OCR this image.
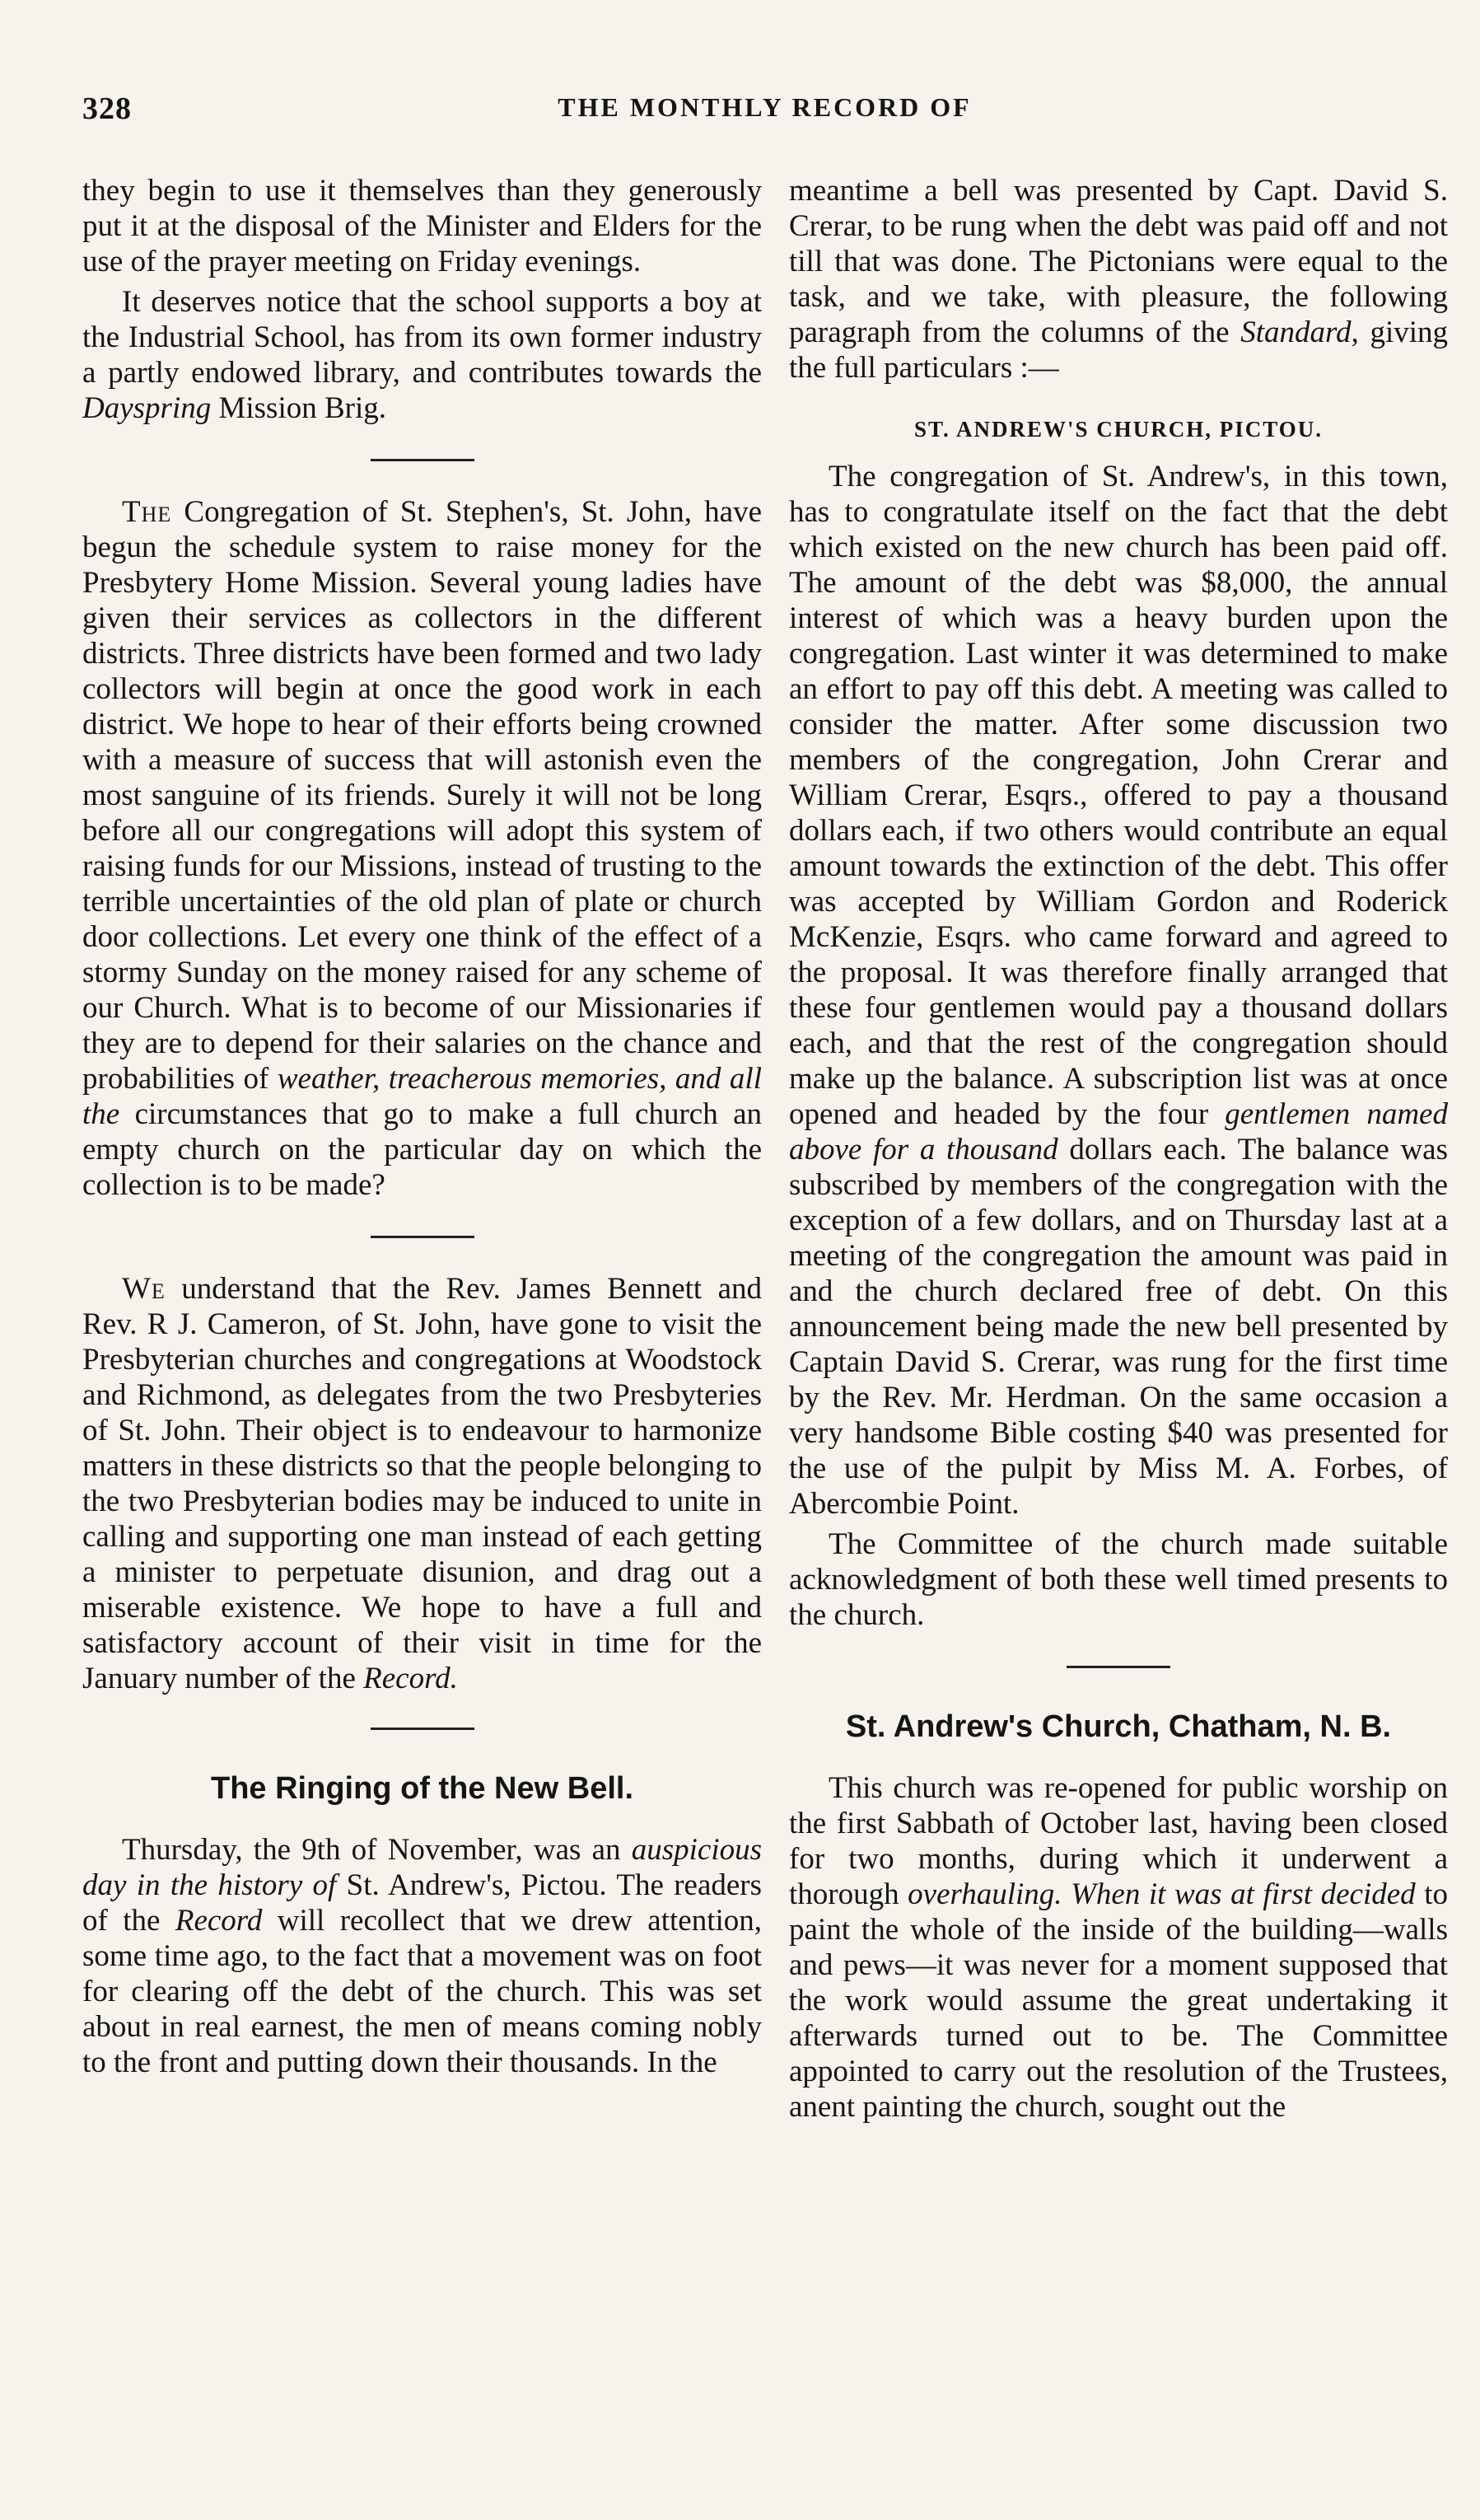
328	THE MONTHLY RECORD OF

they begin to use it themselves than they generously put it at the disposal of the Minister and Elders for the use of the prayer meeting on Friday evenings.

It deserves notice that the school supports a boy at the Industrial School, has from its own former industry a partly endowed library, and contributes towards the Dayspring Mission Brig.

The Congregation of St. Stephen's, St. John, have begun the schedule system to raise money for the Presbytery Home Mission. Several young ladies have given their services as collectors in the different districts. Three districts have been formed and two lady collectors will begin at once the good work in each district. We hope to hear of their efforts being crowned with a measure of success that will astonish even the most sanguine of its friends. Surely it will not be long before all our congregations will adopt this system of raising funds for our Missions, instead of trusting to the terrible uncertainties of the old plan of plate or church door collections. Let every one think of the effect of a stormy Sunday on the money raised for any scheme of our Church. What is to become of our Missionaries if they are to depend for their salaries on the chance and probabilities of weather, treacherous memories, and all the circumstances that go to make a full church an empty church on the particular day on which the collection is to be made?

We understand that the Rev. James Bennett and Rev. R J. Cameron, of St. John, have gone to visit the Presbyterian churches and congregations at Woodstock and Richmond, as delegates from the two Presbyteries of St. John. Their object is to endeavour to harmonize matters in these districts so that the people belonging to the two Presbyterian bodies may be induced to unite in calling and supporting one man instead of each getting a minister to perpetuate disunion, and drag out a miserable existence. We hope to have a full and satisfactory account of their visit in time for the January number of the Record.

The Ringing of the New Bell.

Thursday, the 9th of November, was an auspicious day in the history of St. Andrew's, Pictou. The readers of the Record will recollect that we drew attention, some time ago, to the fact that a movement was on foot for clearing off the debt of the church. This was set about in real earnest, the men of means coming nobly to the front and putting down their thousands. In the

meantime a bell was presented by Capt. David S. Crerar, to be rung when the debt was paid off and not till that was done. The Pictonians were equal to the task, and we take, with pleasure, the following paragraph from the columns of the Standard, giving the full particulars :—

ST. ANDREW'S CHURCH, PICTOU.

The congregation of St. Andrew's, in this town, has to congratulate itself on the fact that the debt which existed on the new church has been paid off. The amount of the debt was $8,000, the annual interest of which was a heavy burden upon the congregation. Last winter it was determined to make an effort to pay off this debt. A meeting was called to consider the matter. After some discussion two members of the congregation, John Crerar and William Crerar, Esqrs., offered to pay a thousand dollars each, if two others would contribute an equal amount towards the extinction of the debt. This offer was accepted by William Gordon and Roderick McKenzie, Esqrs. who came forward and agreed to the proposal. It was therefore finally arranged that these four gentlemen would pay a thousand dollars each, and that the rest of the congregation should make up the balance. A subscription list was at once opened and headed by the four gentlemen named above for a thousand dollars each. The balance was subscribed by members of the congregation with the exception of a few dollars, and on Thursday last at a meeting of the congregation the amount was paid in and the church declared free of debt. On this announcement being made the new bell presented by Captain David S. Crerar, was rung for the first time by the Rev. Mr. Herdman. On the same occasion a very handsome Bible costing $40 was presented for the use of the pulpit by Miss M. A. Forbes, of Abercombie Point.

The Committee of the church made suitable acknowledgment of both these well timed presents to the church.

St. Andrew's Church, Chatham, N. B.

This church was re-opened for public worship on the first Sabbath of October last, having been closed for two months, during which it underwent a thorough overhauling. When it was at first decided to paint the whole of the inside of the building—walls and pews—it was never for a moment supposed that the work would assume the great undertaking it afterwards turned out to be. The Committee appointed to carry out the resolution of the Trustees, anent painting the church, sought out the
